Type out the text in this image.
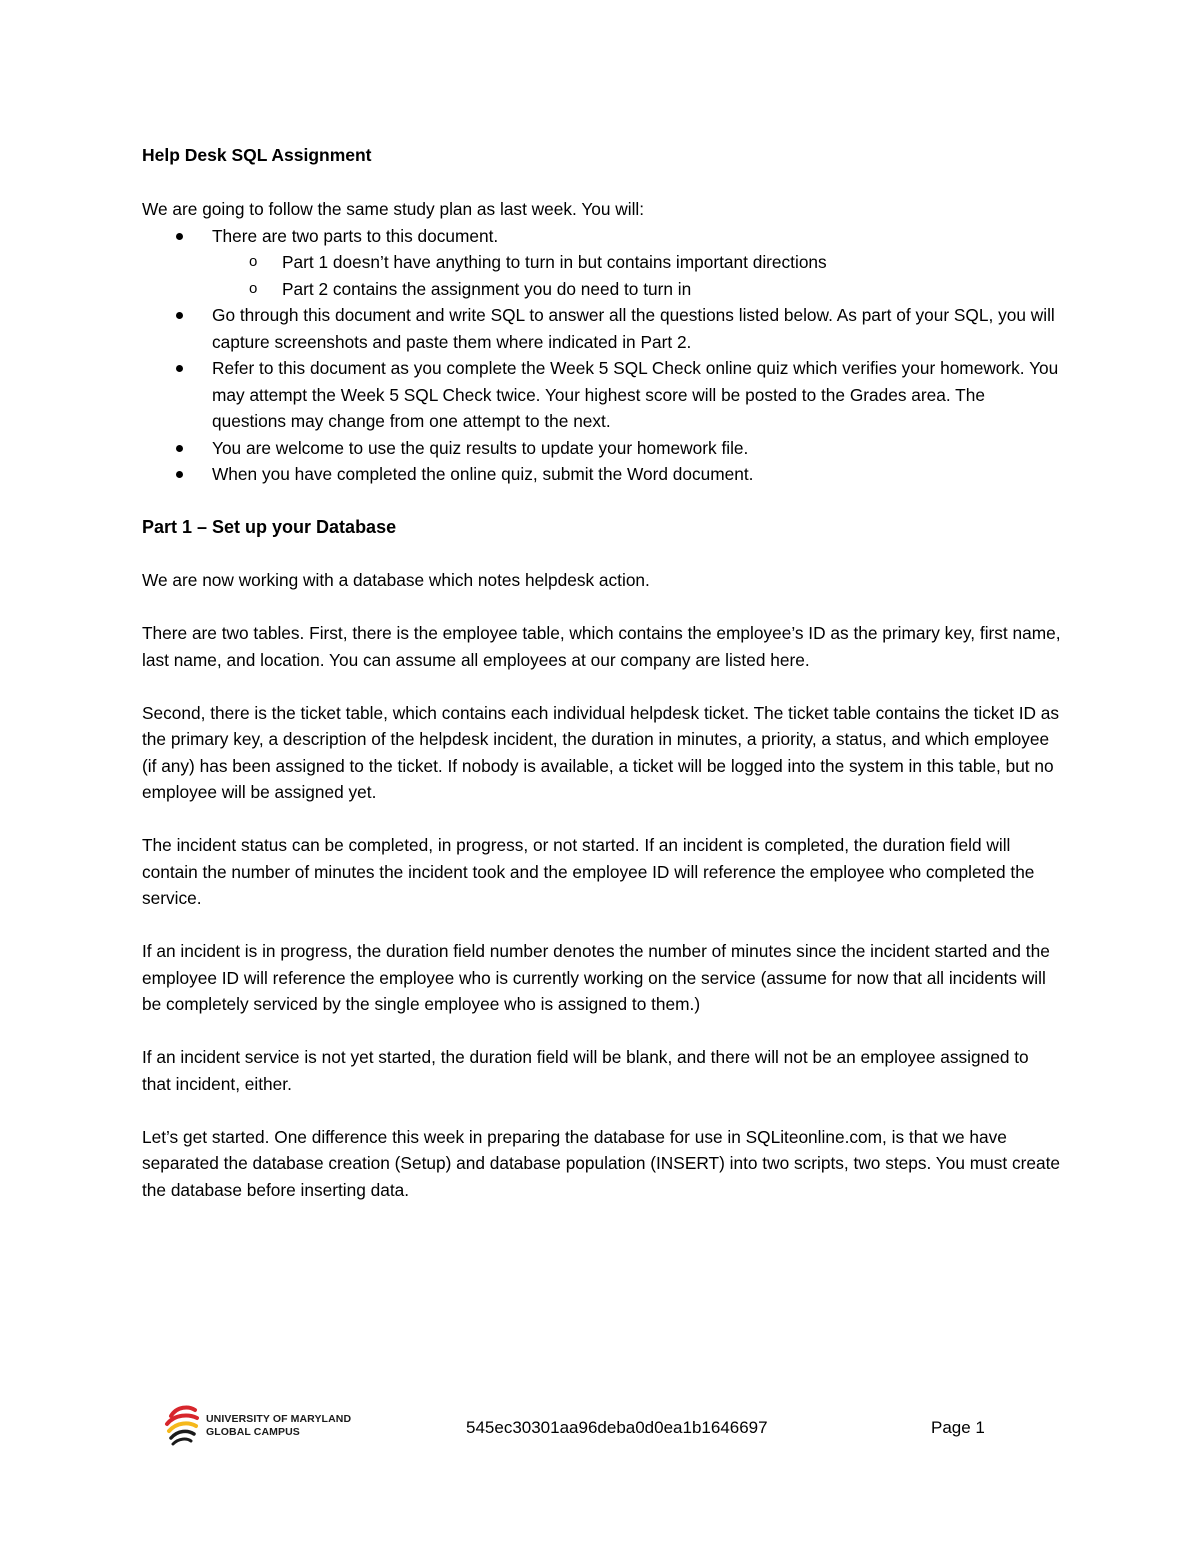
Help Desk SQL Assignment
We are going to follow the same study plan as last week. You will:
There are two parts to this document.
o Part 1 doesn’t have anything to turn in but contains important directions
o Part 2 contains the assignment you do need to turn in
Go through this document and write SQL to answer all the questions listed below. As part of your SQL, you will capture screenshots and paste them where indicated in Part 2.
Refer to this document as you complete the Week 5 SQL Check online quiz which verifies your homework. You may attempt the Week 5 SQL Check twice. Your highest score will be posted to the Grades area. The questions may change from one attempt to the next.
You are welcome to use the quiz results to update your homework file.
When you have completed the online quiz, submit the Word document.
Part 1 – Set up your Database

We are now working with a database which notes helpdesk action.

There are two tables. First, there is the employee table, which contains the employee’s ID as the primary key, first name, last name, and location. You can assume all employees at our company are listed here.

Second, there is the ticket table, which contains each individual helpdesk ticket. The ticket table contains the ticket ID as the primary key, a description of the helpdesk incident, the duration in minutes, a priority, a status, and which employee (if any) has been assigned to the ticket. If nobody is available, a ticket will be logged into the system in this table, but no employee will be assigned yet.

The incident status can be completed, in progress, or not started. If an incident is completed, the duration field will contain the number of minutes the incident took and the employee ID will reference the employee who completed the service.

If an incident is in progress, the duration field number denotes the number of minutes since the incident started and the employee ID will reference the employee who is currently working on the service (assume for now that all incidents will be completely serviced by the single employee who is assigned to them.)

If an incident service is not yet started, the duration field will be blank, and there will not be an employee assigned to that incident, either.

Let’s get started. One difference this week in preparing the database for use in SQLiteonline.com, is that we have separated the database creation (Setup) and database population (INSERT) into two scripts, two steps. You must create the database before inserting data.

UNIVERSITY OF MARYLAND
GLOBAL CAMPUS	545ec30301aa96deba0d0ea1b1646697	Page 1
